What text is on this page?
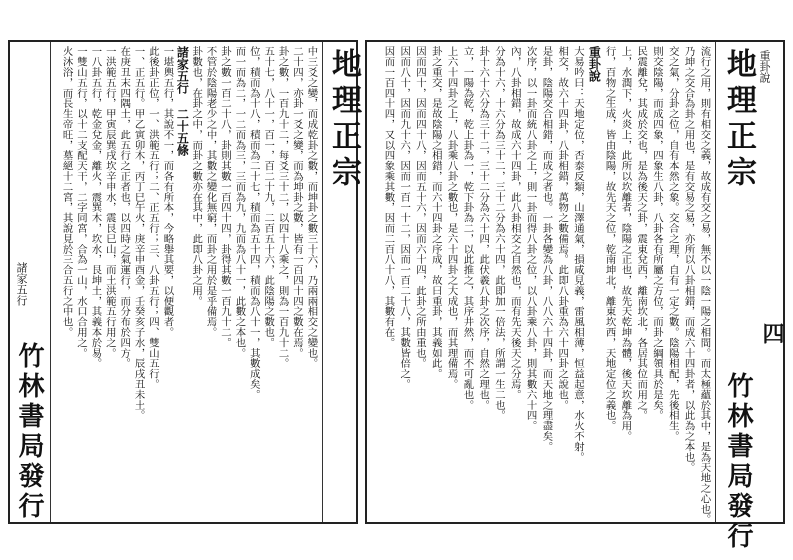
竹林書局發行
諸家五行	中三爻之變，而成乾卦之數，而坤卦之數三十六，乃兩兩相交之變也。
二十四，亦卦一爻之變，而為坤卦之數，皆有一百四十四之數在焉。
卦之數，一百九十二，每爻三十二，以四十八乘之，則為一百九十二。
五十七，八十一，百一，百二十九，二百五十六，此陰陽之數也。
位，積而為十八，積而為二十七，積而為五十四，積而為八十一，其數成矣。
而一而為二，一二而為三，三而為九，九而為八十一，此數之本也。
卦之數一百二十八，卦則其數一百四十四，卦得其數一百九十二。
不管於陰陽老少之中，其數之變化無窮，而卦之用於是乎備焉。
卦數也，在卦之中，而卦之數亦在其中，此即八卦之用。
諸家五行 二十五條
一堪輿五行，其說不一，而各有所本，今略舉其要，以便觀者。
此後卦正位，一、洪範五行；二、正五行；三、八卦五行；四、雙山五行。
一、正五行。甲乙寅卯木，丙丁巳午火，庚辛申酉金，壬癸亥子水，辰戌丑未土。
在庚丑末四隅土，此五行之正者也，以四時之氣運行，而分布於四方。
一洪範五行，甲寅辰巽戌坎辛申水，震艮巳山，而土洪範五行用之。
一八卦五行，乾金兌金，離火，震巽木，坎水，艮坤土，其義本於易。
一雙山五行，以十二支配天干，二字同宮，合為一山，水口合用之。
火沐浴，而長生帝旺，墓絕十二宮，其說見於三合五行之中也。	地理正宗	流行之用，則有相交之義，故成有交之易，無不以一陰一陽之相間。而太極蘊於其中，是為天地之心也。
乃坤之交合為卦之用也，是有交易之易，亦所以八卦相錯，而成六十四卦者，以此為之本也。
交之氣，分卦之位，自有本然之象。交合之理，自有一定之數。陰陽相配，先後相生。
則交陰陽，而成四象，四象生八卦，八卦各有所屬之方位，而卦之綱領具於是矣。
民震離兌，其成於交也，是為後天之卦，震東兌西，離南坎北，各居其位而用之。
上，水潤下，火炎上，此所以坎離者，陰陽之正也，故先天乾坤為體，後天坎離為用。
行，百物之生成，皆由陰陽，故先天之位，乾南坤北，離東坎西，天地定位之義也。
重卦說
大易吟曰：天地定位，否泰反類，山澤通氣，損咸見義，雷風相薄，恒益起意，水火不射。
相交，故六十四卦，八卦相錯，萬物之數備焉。此即八卦重為六十四卦之說也。
是卦，陰陽交合相錯，而成之者也。一卦各變為八卦，八八六十四卦，而天地之理盡矣。
次序，以一卦而統八卦之上，則一卦而得八卦之位，以八卦乘八卦，則其數六十四。
內，八卦相錯，故成六十四卦，此八卦相交之自然也，而有先天後天之分焉。
分為十六，十六分為三十二，三十二分為六十四，此即加一倍法，所謂一生二也。
卦十六十六分為三十二，三十二分為六十四，此伏羲八卦之次序，自然之理也。
立，一陽為乾，乾上卦為一，乾下卦為二，以此推之，其序井然，而不可亂也。
上六十四卦之上，八卦乘八卦之數也，是六十四卦之大成也，而其理備焉。
卦之重交，是故陰陽之相錯，而六十四卦之序成，故曰重卦，其義如此。
因而四十，因而四十八，因而五十六，因而六十四，此卦之所由重也。
因而八十，因而九十六，因而一百一十二，因而一百二十八，其數皆倍之。
因而一百四十四，又以四象乘其數，因而二百八十八，其數有在。	地理正宗 重卦說
四
竹林書局發行
